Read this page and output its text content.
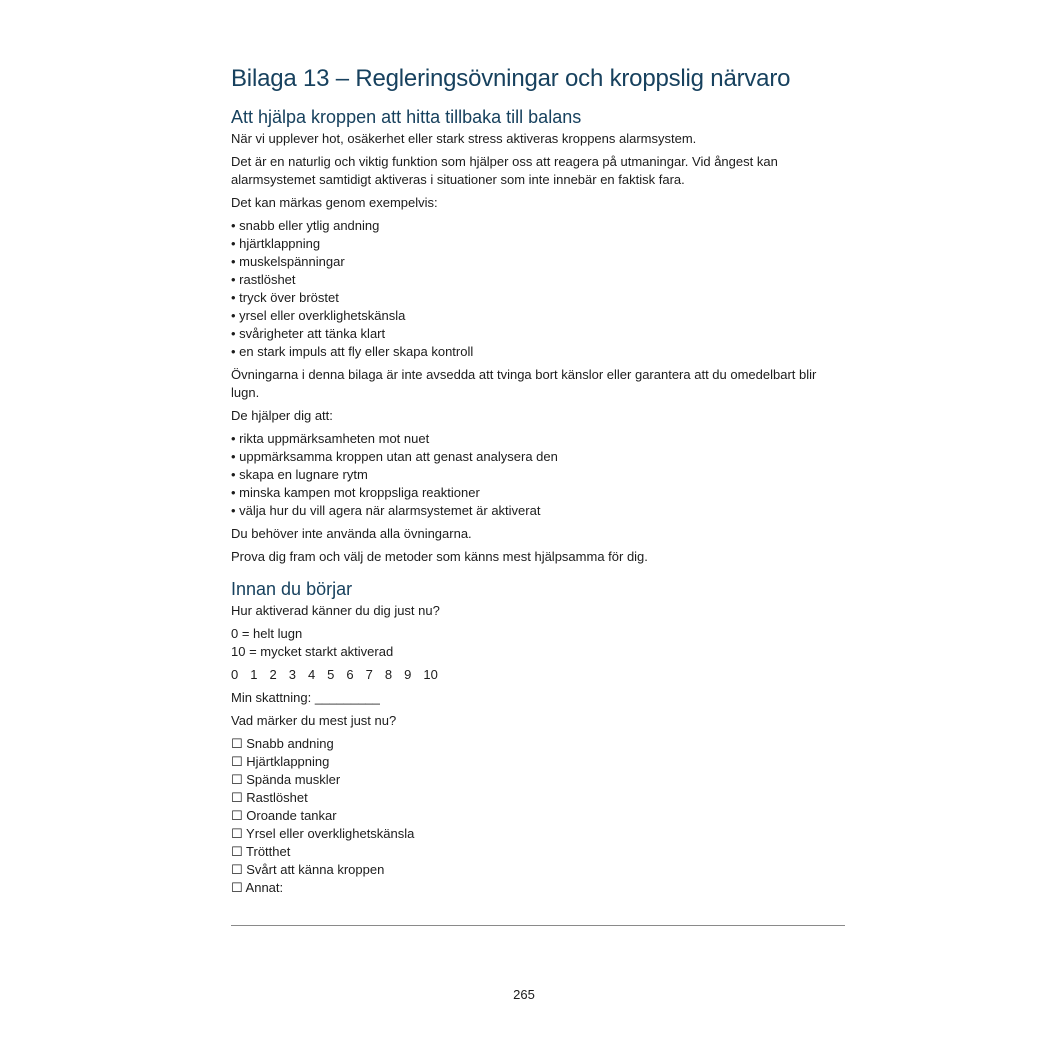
Bilaga 13 – Regleringsövningar och kroppslig närvaro
Att hjälpa kroppen att hitta tillbaka till balans

När vi upplever hot, osäkerhet eller stark stress aktiveras kroppens alarmsystem.

Det är en naturlig och viktig funktion som hjälper oss att reagera på utmaningar. Vid ångest kan alarmsystemet samtidigt aktiveras i situationer som inte innebär en faktisk fara.

Det kan märkas genom exempelvis:

• snabb eller ytlig andning
• hjärtklappning
• muskelspänningar
• rastlöshet
• tryck över bröstet
• yrsel eller overklighetskänsla
• svårigheter att tänka klart
• en stark impuls att fly eller skapa kontroll

Övningarna i denna bilaga är inte avsedda att tvinga bort känslor eller garantera att du omedelbart blir lugn.

De hjälper dig att:

• rikta uppmärksamheten mot nuet
• uppmärksamma kroppen utan att genast analysera den
• skapa en lugnare rytm
• minska kampen mot kroppsliga reaktioner
• välja hur du vill agera när alarmsystemet är aktiverat

Du behöver inte använda alla övningarna.

Prova dig fram och välj de metoder som känns mest hjälpsamma för dig.

Innan du börjar

Hur aktiverad känner du dig just nu?

0 = helt lugn

10 = mycket starkt aktiverad

0 1 2 3 4 5 6 7 8 9 10

Min skattning: _________

Vad märker du mest just nu?

☐ Snabb andning
☐ Hjärtklappning
☐ Spända muskler
☐ Rastlöshet
☐ Oroande tankar
☐ Yrsel eller overklighetskänsla
☐ Trötthet
☐ Svårt att känna kroppen
☐ Annat:
265
